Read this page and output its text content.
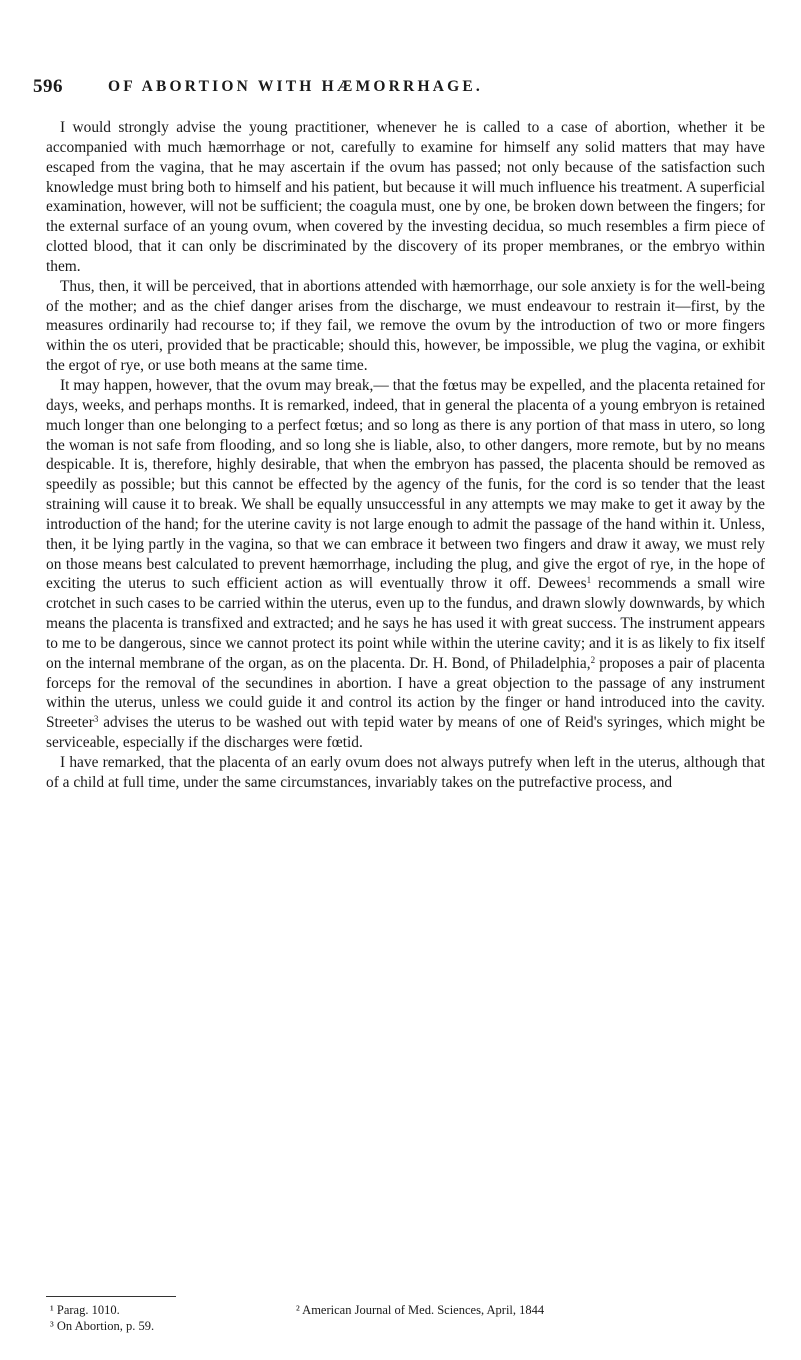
596	OF ABORTION WITH HÆMORRHAGE.

I would strongly advise the young practitioner, whenever he is called to a case of abortion, whether it be accompanied with much hæmorrhage or not, carefully to examine for himself any solid matters that may have escaped from the vagina, that he may ascertain if the ovum has passed; not only because of the satisfaction such knowledge must bring both to himself and his patient, but because it will much influence his treatment. A superficial examination, however, will not be sufficient; the coagula must, one by one, be broken down between the fingers; for the external surface of an young ovum, when covered by the investing decidua, so much resembles a firm piece of clotted blood, that it can only be discriminated by the discovery of its proper membranes, or the embryo within them.

Thus, then, it will be perceived, that in abortions attended with hæmorrhage, our sole anxiety is for the well-being of the mother; and as the chief danger arises from the discharge, we must endeavour to restrain it—first, by the measures ordinarily had recourse to; if they fail, we remove the ovum by the introduction of two or more fingers within the os uteri, provided that be practicable; should this, however, be impossible, we plug the vagina, or exhibit the ergot of rye, or use both means at the same time.

It may happen, however, that the ovum may break,— that the fœtus may be expelled, and the placenta retained for days, weeks, and perhaps months. It is remarked, indeed, that in general the placenta of a young embryon is retained much longer than one belonging to a perfect fœtus; and so long as there is any portion of that mass in utero, so long the woman is not safe from flooding, and so long she is liable, also, to other dangers, more remote, but by no means despicable. It is, therefore, highly desirable, that when the embryon has passed, the placenta should be removed as speedily as possible; but this cannot be effected by the agency of the funis, for the cord is so tender that the least straining will cause it to break. We shall be equally unsuccessful in any attempts we may make to get it away by the introduction of the hand; for the uterine cavity is not large enough to admit the passage of the hand within it. Unless, then, it be lying partly in the vagina, so that we can embrace it between two fingers and draw it away, we must rely on those means best calculated to prevent hæmorrhage, including the plug, and give the ergot of rye, in the hope of exciting the uterus to such efficient action as will eventually throw it off. Dewees$^1$ recommends a small wire crotchet in such cases to be carried within the uterus, even up to the fundus, and drawn slowly downwards, by which means the placenta is transfixed and extracted; and he says he has used it with great success. The instrument appears to me to be dangerous, since we cannot protect its point while within the uterine cavity; and it is as likely to fix itself on the internal membrane of the organ, as on the placenta. Dr. H. Bond, of Philadelphia,$^2$ proposes a pair of placenta forceps for the removal of the secundines in abortion. I have a great objection to the passage of any instrument within the uterus, unless we could guide it and control its action by the finger or hand introduced into the cavity. Streeter$^3$ advises the uterus to be washed out with tepid water by means of one of Reid's syringes, which might be serviceable, especially if the discharges were fœtid.

I have remarked, that the placenta of an early ovum does not always putrefy when left in the uterus, although that of a child at full time, under the same circumstances, invariably takes on the putrefactive process, and

¹ Parag. 1010.	² American Journal of Med. Sciences, April, 1844
³ On Abortion, p. 59.
